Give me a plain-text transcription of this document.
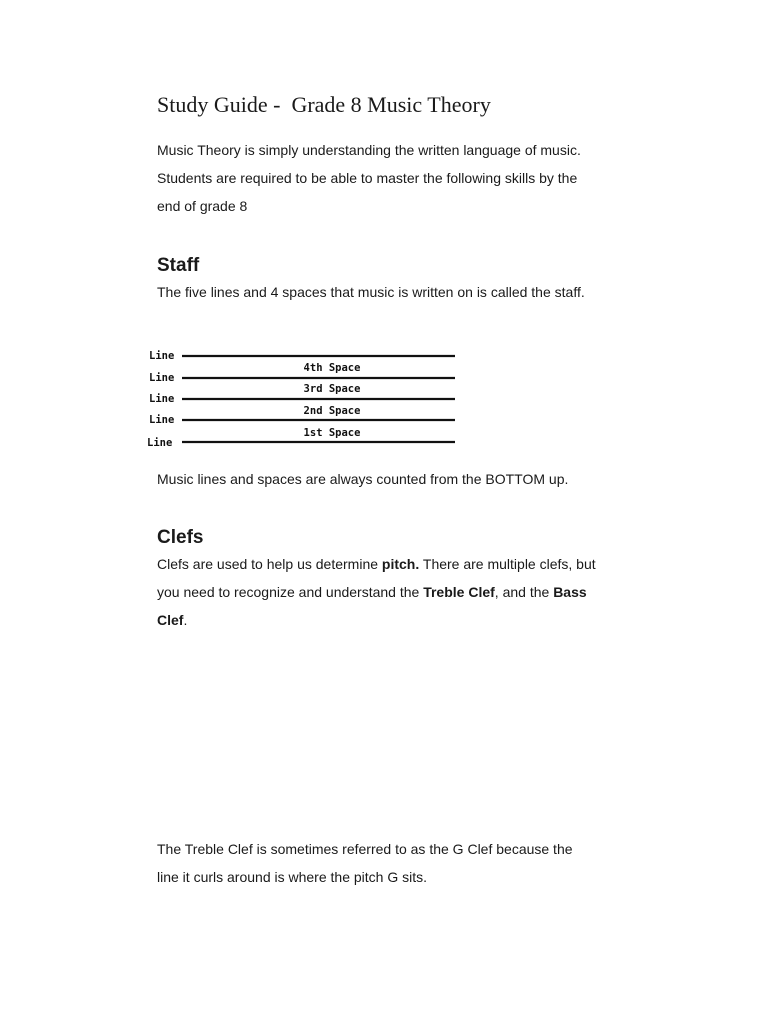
Study Guide -  Grade 8 Music Theory

Music Theory is simply understanding the written language of music.
Students are required to be able to master the following skills by the
end of grade 8

Staff

The five lines and 4 spaces that music is written on is called the staff.

Line
Line
Line
Line
Line
4th Space
3rd Space
2nd Space
1st Space

Music lines and spaces are always counted from the BOTTOM up.

Clefs

Clefs are used to help us determine pitch. There are multiple clefs, but you need to recognize and understand the Treble Clef, and the Bass Clef.

The Treble Clef is sometimes referred to as the G Clef because the
line it curls around is where the pitch G sits.
